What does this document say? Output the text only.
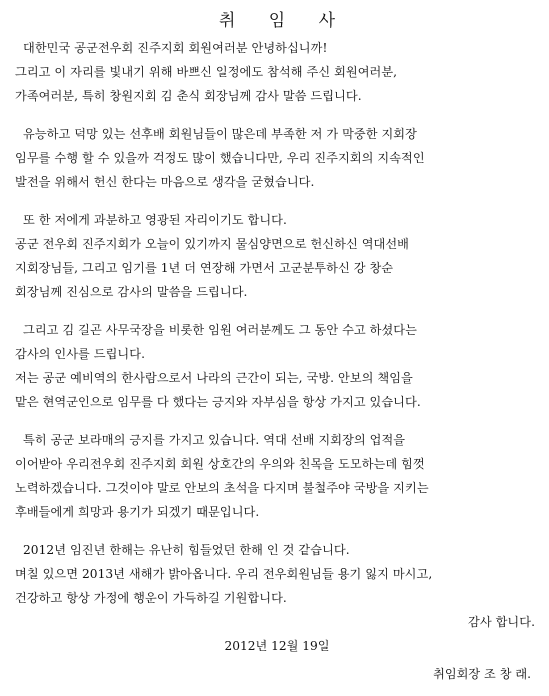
취 임 사
대한민국 공군전우회 진주지회 회원여러분 안녕하십니까!
그리고 이 자리를 빛내기 위해 바쁘신 일정에도 참석해 주신 회원여러분,
가족여러분, 특히 창원지회 김 춘식 회장님께 감사 말씀 드립니다.
유능하고 덕망 있는 선후배 회원님들이 많은데 부족한 저 가 막중한 지회장
임무를 수행 할 수 있을까 걱정도 많이 했습니다만, 우리 진주지회의 지속적인
발전을 위해서 헌신 한다는 마음으로 생각을 굳혔습니다.
또 한 저에게 과분하고 영광된 자리이기도 합니다.
공군 전우회 진주지회가 오늘이 있기까지 물심양면으로 헌신하신 역대선배
지회장님들, 그리고 임기를 1년 더 연장해 가면서 고군분투하신 강 창순
회장님께 진심으로 감사의 말씀을 드립니다.
그리고 김 길곤 사무국장을 비롯한 임원 여러분께도 그 동안 수고 하셨다는
감사의 인사를 드립니다.
저는 공군 예비역의 한사람으로서 나라의 근간이 되는, 국방. 안보의 책임을
맡은 현역군인으로 임무를 다 했다는 긍지와 자부심을 항상 가지고 있습니다.
특히 공군 보라매의 긍지를 가지고 있습니다. 역대 선배 지회장의 업적을
이어받아 우리전우회 진주지회 회원 상호간의 우의와 친목을 도모하는데 힘껏
노력하겠습니다. 그것이야 말로 안보의 초석을 다지며 불철주야 국방을 지키는
후배들에게 희망과 용기가 되겠기 때문입니다.
2012년 임진년 한해는 유난히 힘들었던 한해 인 것 같습니다.
며칠 있으면 2013년 새해가 밝아옵니다. 우리 전우회원님들 용기 잃지 마시고,
건강하고 항상 가정에 행운이 가득하길 기원합니다.
감사 합니다.
2012년 12월 19일
취임회장 조 창 래.
